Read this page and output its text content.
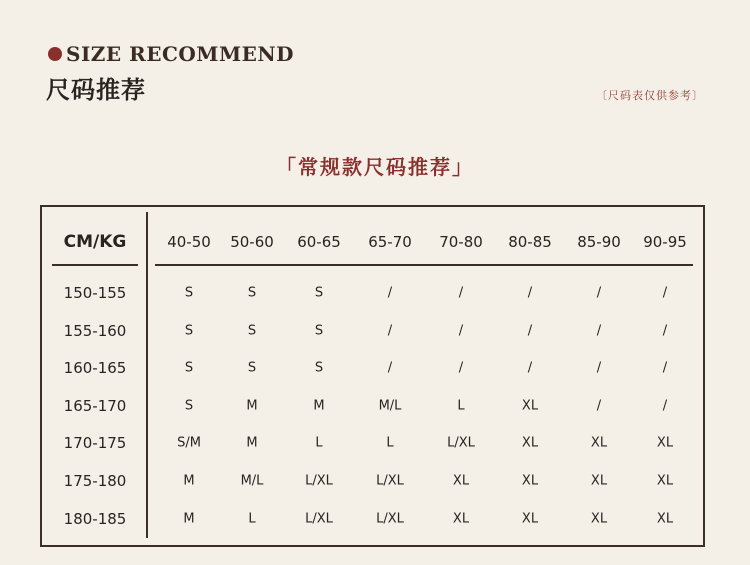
SIZE RECOMMEND
尺码推荐	〔尺码表仅供参考〕
「常规款尺码推荐」
CM/KG	40-50 50-60 60-65 65-70 70-80 80-85 85-90 90-95
150-155	S	S	S	/	/	/	/	/
155-160	S	S	S	/	/	/	/	/
160-165	S	S	S	/	/	/	/	/
165-170	S	M	M	M/L	L	XL	/	/
170-175	S/M	M	L	L	L/XL	XL	XL	XL
175-180	M	M/L	L/XL	L/XL	XL	XL	XL	XL
180-185	M	L	L/XL	L/XL	XL	XL	XL	XL
